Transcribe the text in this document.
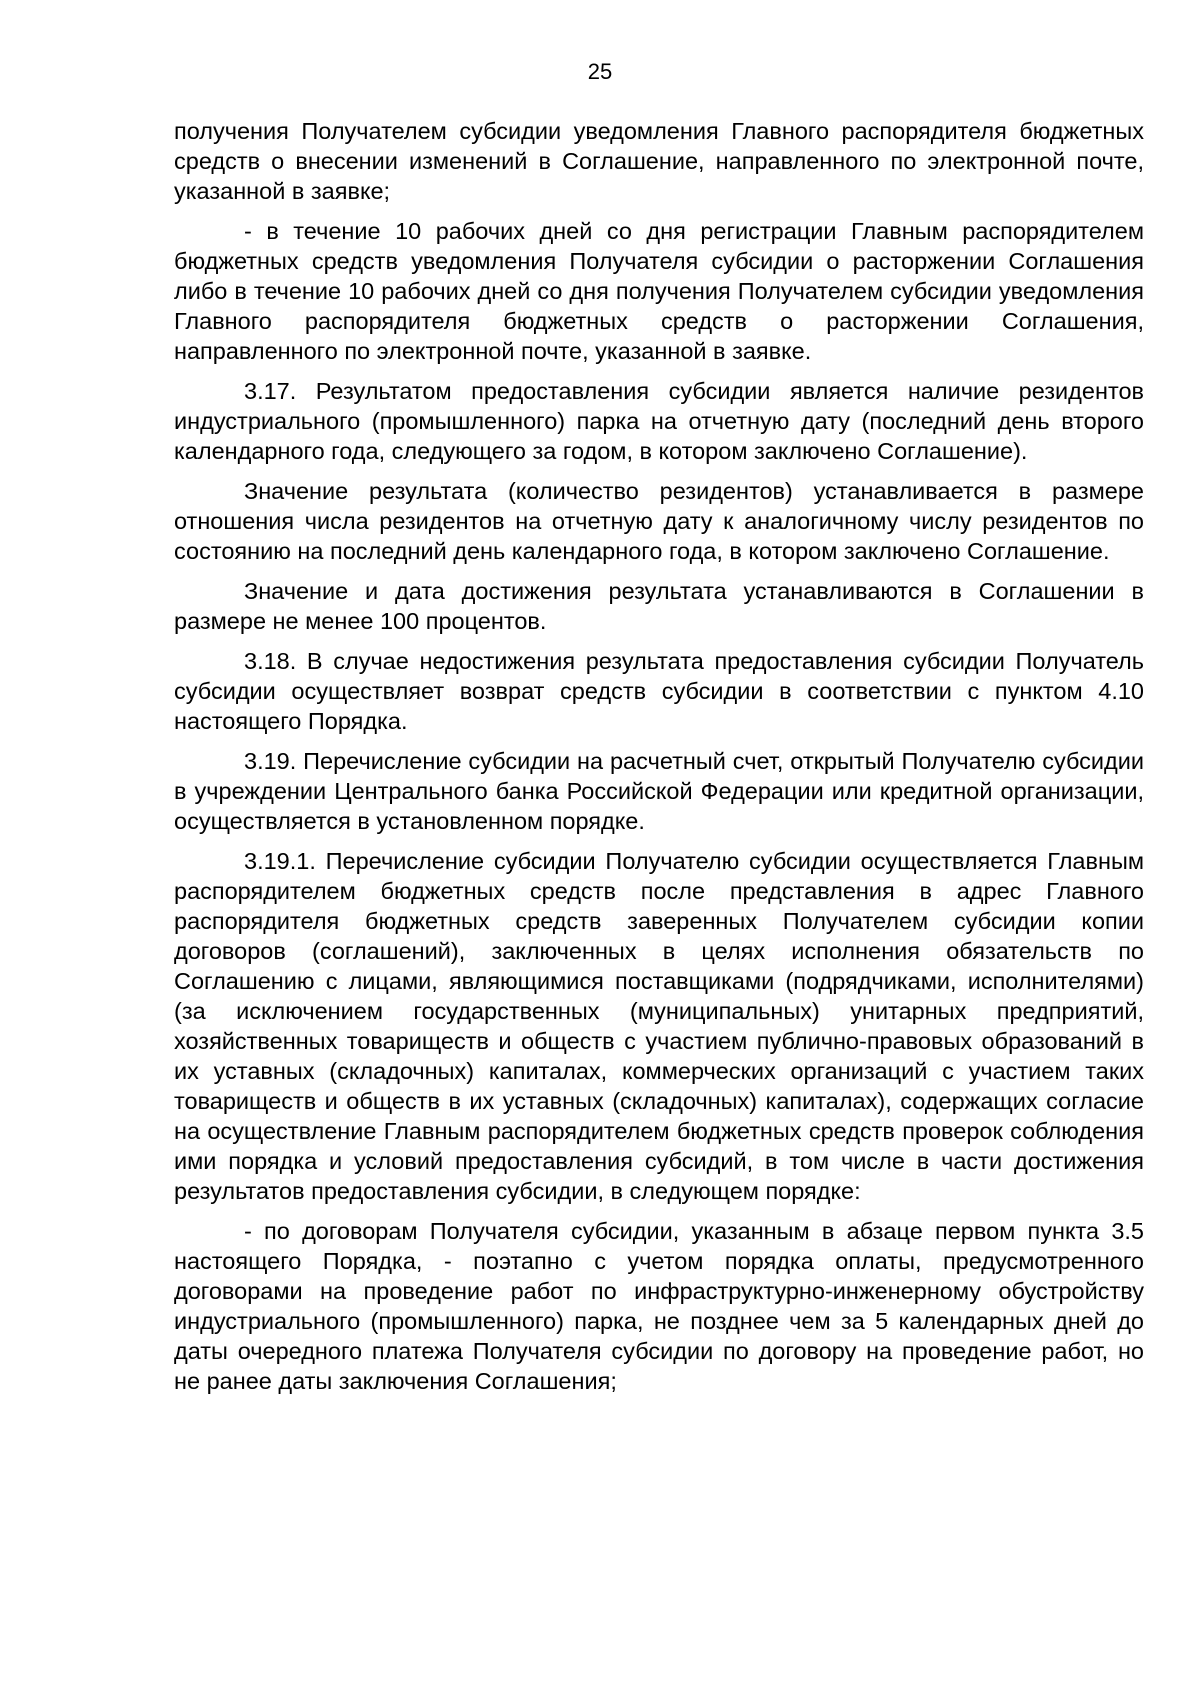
25

получения Получателем субсидии уведомления Главного распорядителя бюджетных средств о внесении изменений в Соглашение, направленного по электронной почте, указанной в заявке;

- в течение 10 рабочих дней со дня регистрации Главным распорядителем бюджетных средств уведомления Получателя субсидии о расторжении Соглашения либо в течение 10 рабочих дней со дня получения Получателем субсидии уведомления Главного распорядителя бюджетных средств о расторжении Соглашения, направленного по электронной почте, указанной в заявке.

3.17. Результатом предоставления субсидии является наличие резидентов индустриального (промышленного) парка на отчетную дату (последний день второго календарного года, следующего за годом, в котором заключено Соглашение).

Значение результата (количество резидентов) устанавливается в размере отношения числа резидентов на отчетную дату к аналогичному числу резидентов по состоянию на последний день календарного года, в котором заключено Соглашение.

Значение и дата достижения результата устанавливаются в Соглашении в размере не менее 100 процентов.

3.18. В случае недостижения результата предоставления субсидии Получатель субсидии осуществляет возврат средств субсидии в соответствии с пунктом 4.10 настоящего Порядка.

3.19. Перечисление субсидии на расчетный счет, открытый Получателю субсидии в учреждении Центрального банка Российской Федерации или кредитной организации, осуществляется в установленном порядке.

3.19.1. Перечисление субсидии Получателю субсидии осуществляется Главным распорядителем бюджетных средств после представления в адрес Главного распорядителя бюджетных средств заверенных Получателем субсидии копии договоров (соглашений), заключенных в целях исполнения обязательств по Соглашению с лицами, являющимися поставщиками (подрядчиками, исполнителями) (за исключением государственных (муниципальных) унитарных предприятий, хозяйственных товариществ и обществ с участием публично-правовых образований в их уставных (складочных) капиталах, коммерческих организаций с участием таких товариществ и обществ в их уставных (складочных) капиталах), содержащих согласие на осуществление Главным распорядителем бюджетных средств проверок соблюдения ими порядка и условий предоставления субсидий, в том числе в части достижения результатов предоставления субсидии, в следующем порядке:

- по договорам Получателя субсидии, указанным в абзаце первом пункта 3.5 настоящего Порядка, - поэтапно с учетом порядка оплаты, предусмотренного договорами на проведение работ по инфраструктурно-инженерному обустройству индустриального (промышленного) парка, не позднее чем за 5 календарных дней до даты очередного платежа Получателя субсидии по договору на проведение работ, но не ранее даты заключения Соглашения;
